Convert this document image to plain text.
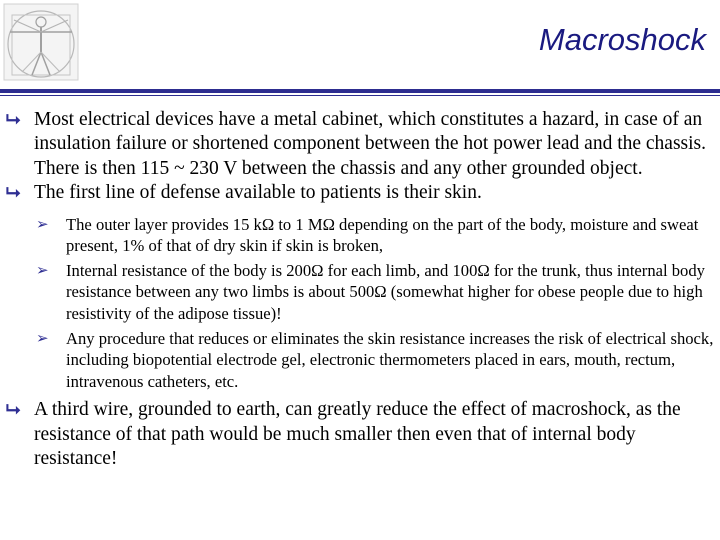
Macroshock

⮡ Most electrical devices have a metal cabinet, which constitutes a hazard, in case of an insulation failure or shortened component between the hot power lead and the chassis. There is then 115 ~ 230 V between the chassis and any other grounded object.

⮡ The first line of defense available to patients is their skin.

➢ The outer layer provides 15 kΩ to 1 MΩ depending on the part of the body, moisture and sweat present, 1% of that of dry skin if skin is broken,

➢ Internal resistance of the body is 200Ω for each limb, and 100Ω for the trunk, thus internal body resistance between any two limbs is about 500Ω (somewhat higher for obese people due to high resistivity of the adipose tissue)!

➢ Any procedure that reduces or eliminates the skin resistance increases the risk of electrical shock, including biopotential electrode gel, electronic thermometers placed in ears, mouth, rectum, intravenous catheters, etc.

⮡ A third wire, grounded to earth, can greatly reduce the effect of macroshock, as the resistance of that path would be much smaller then even that of internal body resistance!
